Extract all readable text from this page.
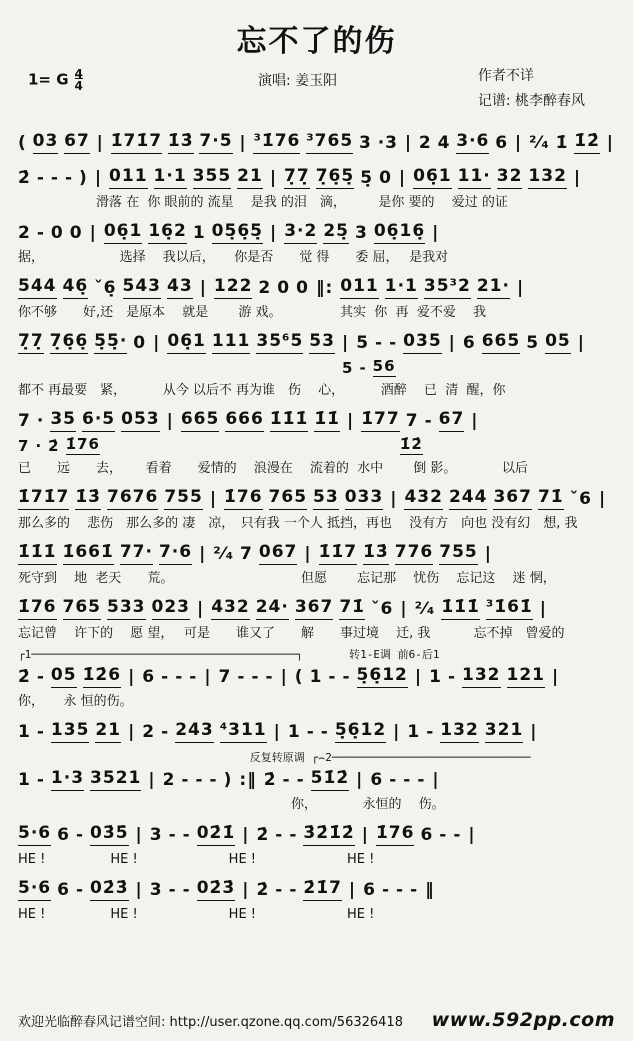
忘不了的伤
1= G $\frac{4}{4}$	演唱: 姜玉阳	作者不详
记谱: 桃李醉春风
( 03 67 | 1̇71̇7 1̇3̇ 7·5 | ³1̇76 ³765 3 ·3 | 2 4 3·6 6 | ²⁄₄ 1̇ 1̇2̇ |
2̇ - - - ) | 011 1·1 355 21 | 7̣7̣ 7̣6̣5̣ 5̣ 0 | 06̣1 11· 32 132 |
　　　　　　滑落 在  你 眼前的 流星　 是我 的泪　滴，　　　是你 要的　 爱过 的证
2 - 0 0 | 06̣1 16̣2 1 05̣6̣5̣ | 3·2 25̣ 3 06̣16̣ |
据，　　　　　　 选择　 我以后，　　你是否　　觉 得　　委 屈，　 是我对
544 46̣ ˇ6̣ 543 43 | 122 2 0 0 ‖: 011 1·1 35³2 21· |
你不够　　好,还　是原本　 就是　　 游 戏。　　　　　其实  你  再  爱不爱　 我
7̣7̣ 7̣6̣6̣ 5̣5̣· 0 | 06̣1 111 35⁶5 53 | 5 - - 035 | 6 665 5 05 |
5 - 56
都不 再最要　紧，　　　 从今 以后不 再为谁　伤　 心，　　　 酒醉　 已  清  醒，你
7 · 35 6·5 053 | 665 666 1̇1̇1̇ 1̇1̇ | 1̇77 7 - 67 |
7 · 2̇ 1̇76	1̇2̇
已　　远　　去，　　 看着　　爱情的　 浪漫在　 流着的  水中　　 倒 影。　　　　以后
1̇71̇7 1̇3̇ 7676 755 | 1̇76 765 53 033 | 432 244 367 71̇ ˇ6 |
那么多的　 悲伤　那么多的 凄　凉，　只有我 一个人 抵挡，再也　 没有方　向也 没有幻　想, 我
1̇1̇1̇ 1̇661̇ 77· 7·6 | ²⁄₄ 7 067 | 1̇1̇7 1̇3̇ 776 755 |
死守到　 地  老天　　荒。　　　　　　　　　　 但愿　　 忘记那　 忧伤　 忘记这　 迷 惘，
1̇76 765 533 023 | 432 24· 367 71̇ ˇ6 | ²⁄₄ 1̇1̇1̇ ³1̇61̇ |
忘记曾　 许下的　 愿 望，　 可是　　谁又了　　解　　事过境　 迁, 我　　　 忘不掉　曾爱的
┌1────────────────────────────────────────┐       转1-E调 前6-后1
2̇ - 05 1̇2̇6 | 6 - - - | 7 - - - | ( 1 - - 5̣6̣12 | 1 - 132 121 |
你，　　永 恒的伤。
1 - 135 21 | 2 - 243 ⁴311 | 1 - - 5̣6̣12 | 1 - 132 321 |
反复转原调 ┌⌢2──────────────────────────────
1 - 1·3 3521 | 2 - - - ) :‖ 2̇ - - 51̇2̇ | 6 - - - |
　　　　　　　　　　　　　　　　　　　　　你，　　　　永恒的　 伤。
5·6 6 - 03̇5̇ | 3 - - 02̇1̇ | 2̇ - - 3̇2̇1̇2̇ | 1̇76 6 - - |
HE !　　　　　HE !　　　　　　　HE !　　　　　　　HE !
5·6 6 - 02̇3̇ | 3 - - 02̇3̇ | 2̇ - - 2̇1̇7 | 6 - - - ‖
HE !　　　　　HE !　　　　　　　HE !　　　　　　　HE !
欢迎光临醉春风记谱空间: http://user.qzone.qq.com/56326418 www.592pp.com
